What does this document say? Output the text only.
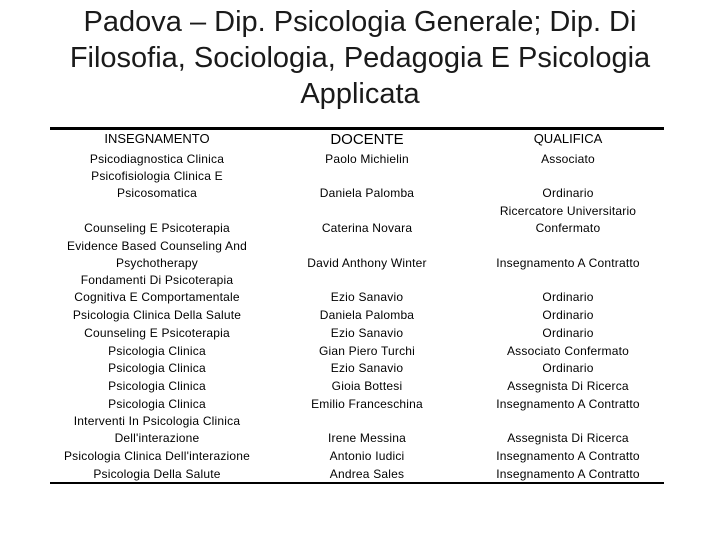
Padova – Dip. Psicologia Generale; Dip. Di
Filosofia, Sociologia, Pedagogia E Psicologia
Applicata
INSEGNAMENTO	DOCENTE	QUALIFICA
Psicodiagnostica Clinica
Psicofisiologia Clinica E
Psicosomatica
Counseling E Psicoterapia
Evidence Based Counseling And
Psychotherapy
Fondamenti Di Psicoterapia
Cognitiva E Comportamentale
Psicologia Clinica Della Salute
Counseling E Psicoterapia
Psicologia Clinica
Psicologia Clinica
Psicologia Clinica
Psicologia Clinica
Interventi In Psicologia Clinica
Dell'interazione
Psicologia Clinica Dell'interazione
Psicologia Della Salute
Paolo Michielin
Daniela Palomba
Caterina Novara
David Anthony Winter
Ezio Sanavio
Daniela Palomba
Ezio Sanavio
Gian Piero Turchi
Ezio Sanavio
Gioia Bottesi
Emilio Franceschina
Irene Messina
Antonio Iudici
Andrea Sales
Associato
Ordinario
Ricercatore Universitario
Confermato
Insegnamento A Contratto
Ordinario
Ordinario
Ordinario
Associato Confermato
Ordinario
Assegnista Di Ricerca
Insegnamento A Contratto
Assegnista Di Ricerca
Insegnamento A Contratto
Insegnamento A Contratto
